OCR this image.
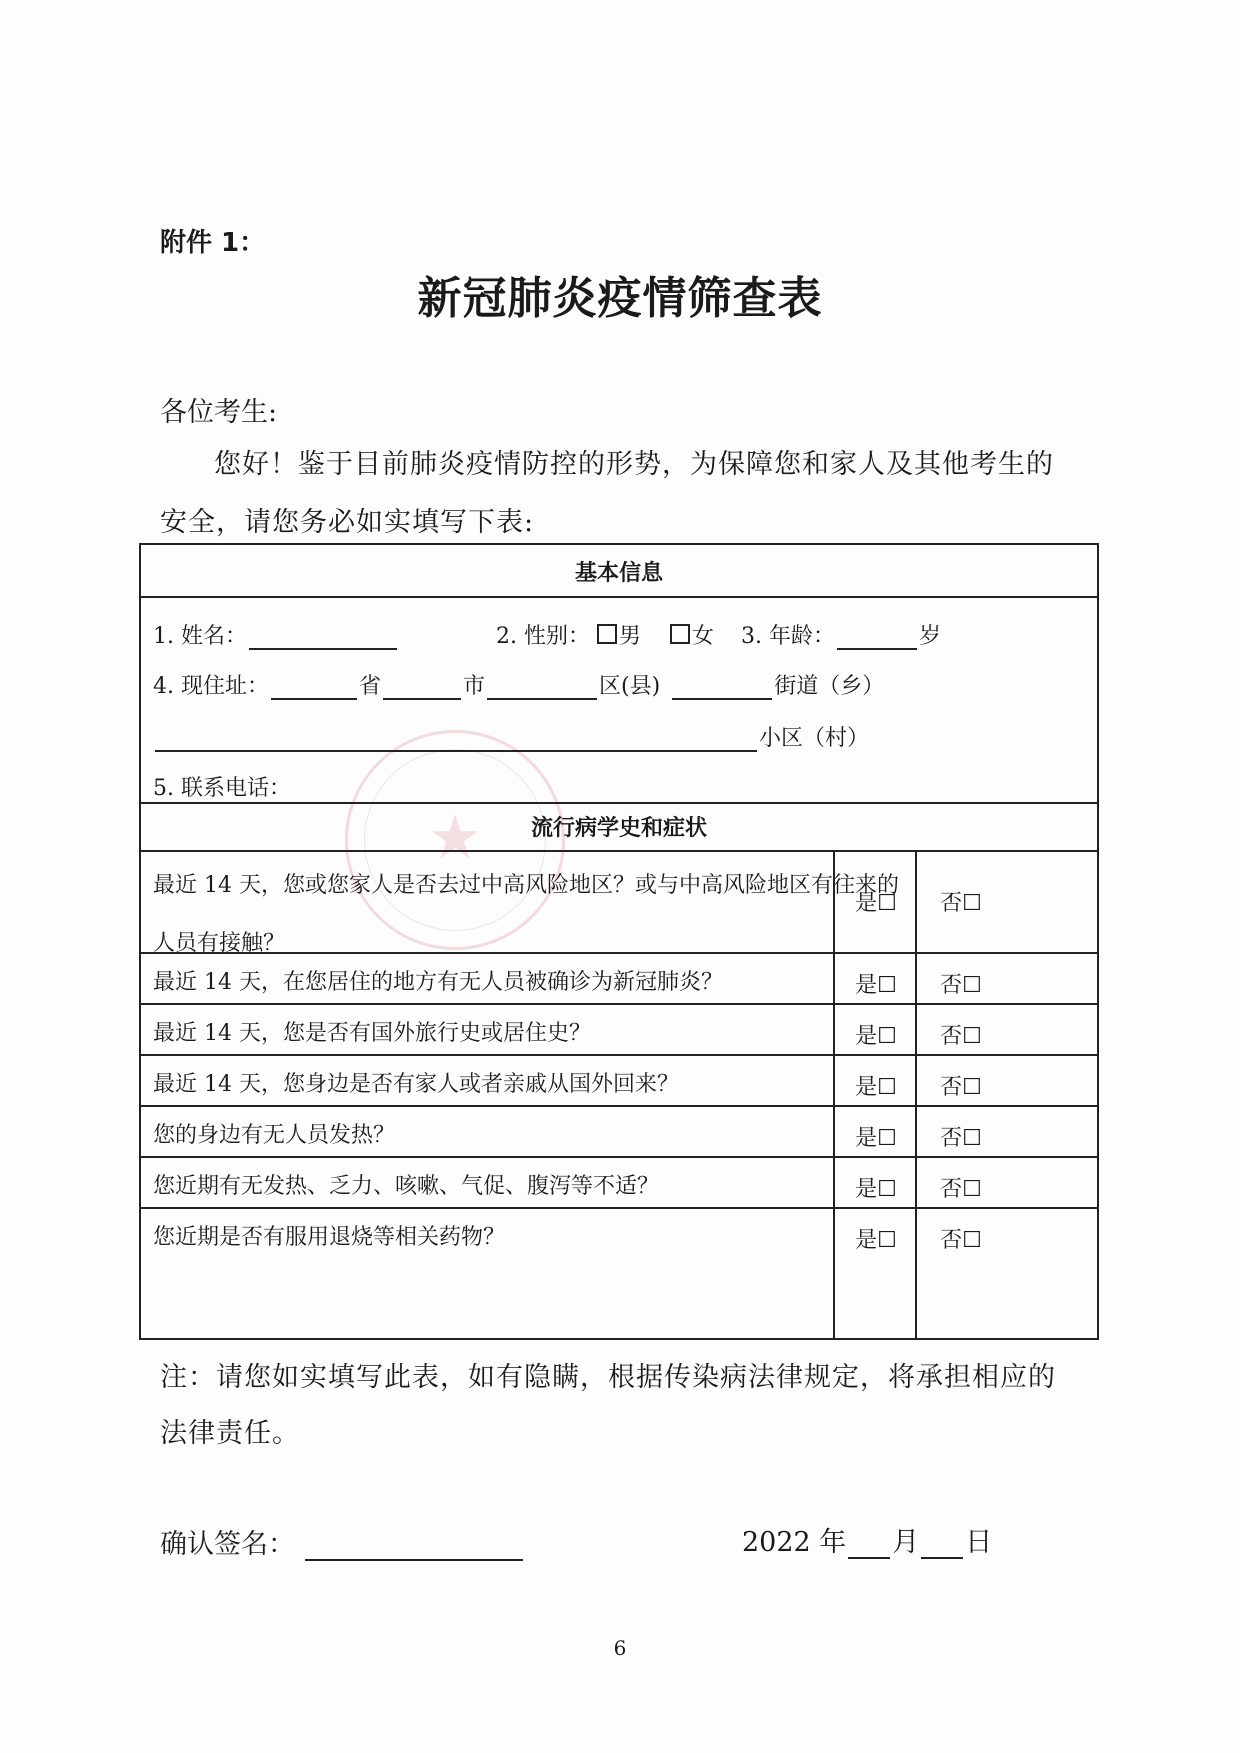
★
附件 1：
新冠肺炎疫情筛查表
各位考生:
您好！鉴于目前肺炎疫情防控的形势，为保障您和家人及其他考生的安全，请您务必如实填写下表:
基本信息
1. 姓名：	2. 性别： 男 女 3. 年龄：	岁
4. 现住址：	省	市	区(县)	街道（乡）
小区（村）
5. 联系电话：
流行病学史和症状
最近 14 天，您或您家人是否去过中高风险地区？或与中高风险地区有往来的人员有接触？
是☐	否☐
最近 14 天，在您居住的地方有无人员被确诊为新冠肺炎？	是☐	否☐
最近 14 天，您是否有国外旅行史或居住史？	是☐	否☐
最近 14 天，您身边是否有家人或者亲戚从国外回来？	是☐	否☐
您的身边有无人员发热？	是☐	否☐
您近期有无发热、乏力、咳嗽、气促、腹泻等不适？	是☐	否☐
您近期是否有服用退烧等相关药物？	是☐	否☐
注：请您如实填写此表，如有隐瞒，根据传染病法律规定，将承担相应的法律责任。
确认签名：	2022 年 月 日
6
